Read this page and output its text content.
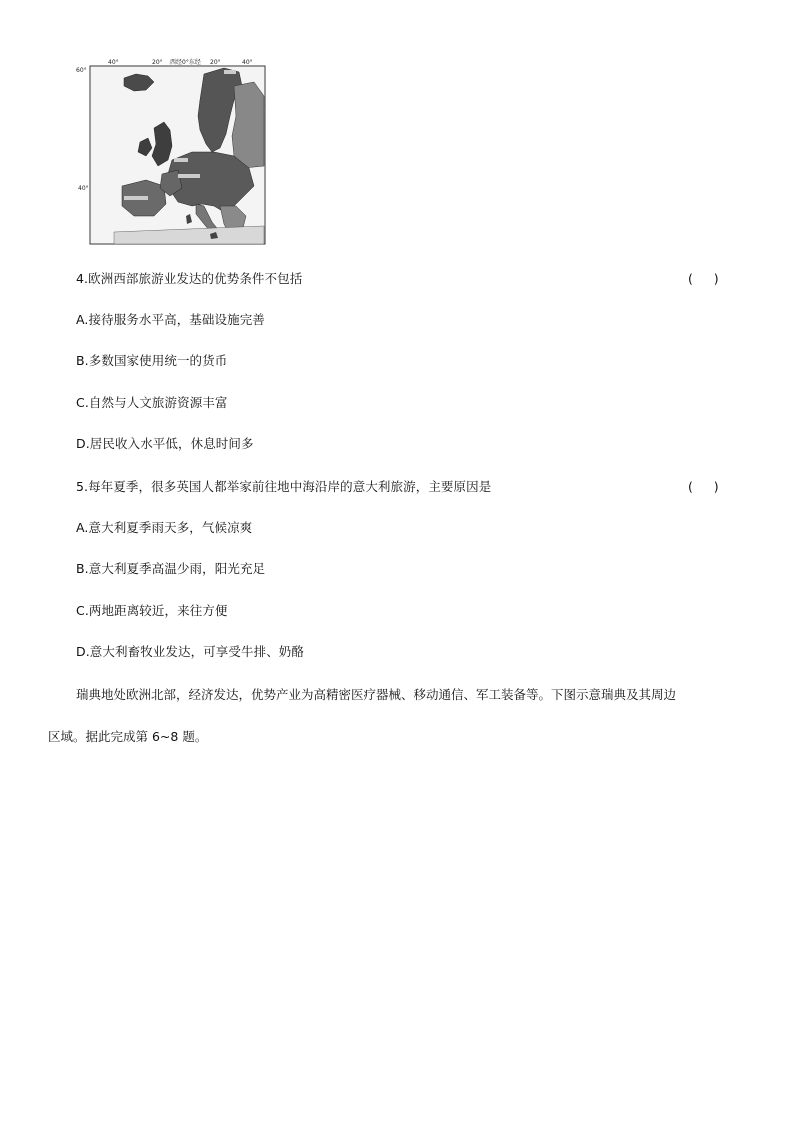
40°	20° 西经0°东经 20°	40°
60°
40°
4.欧洲西部旅游业发达的优势条件不包括	(    )
A.接待服务水平高，基础设施完善
B.多数国家使用统一的货币
C.自然与人文旅游资源丰富
D.居民收入水平低，休息时间多
5.每年夏季，很多英国人都举家前往地中海沿岸的意大利旅游，主要原因是	(    )
A.意大利夏季雨天多，气候凉爽
B.意大利夏季高温少雨，阳光充足
C.两地距离较近，来往方便
D.意大利畜牧业发达，可享受牛排、奶酪
瑞典地处欧洲北部，经济发达，优势产业为高精密医疗器械、移动通信、军工装备等。下图示意瑞典及其周边
区域。据此完成第 6~8 题。
